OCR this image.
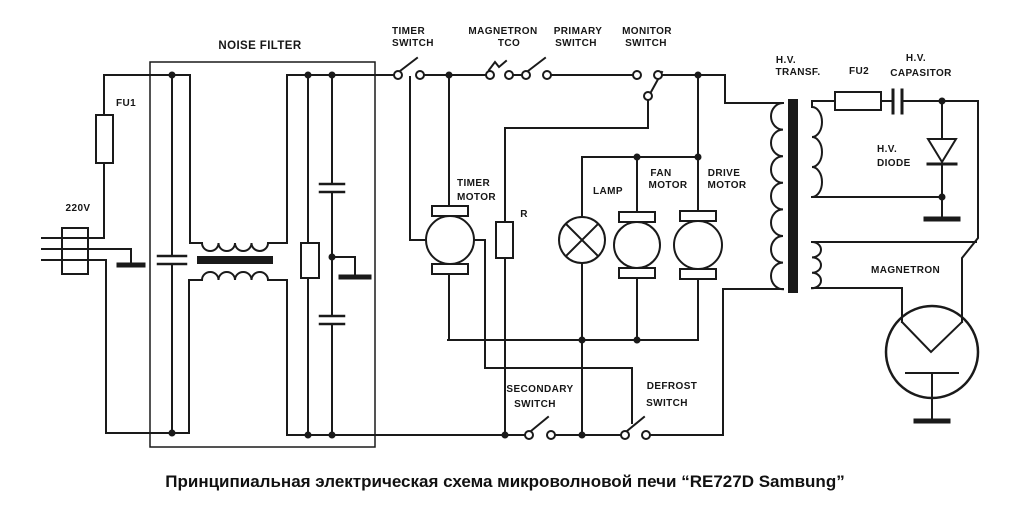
NOISE FILTER
TIMER
SWITCH
MAGNETRON
TCO
PRIMARY
SWITCH
MONITOR
SWITCH
H.V.
TRANSF.	FU2
H.V.
CAPASITOR
H.V.
DIODE
MAGNETRON
FU1
220V
TIMER
MOTOR
R
LAMP
FAN
MOTOR
DRIVE
MOTOR
SECONDARY
SWITCH
DEFROST
SWITCH
Принципиальная электрическая схема микроволновой печи “RE727D Samвung”
